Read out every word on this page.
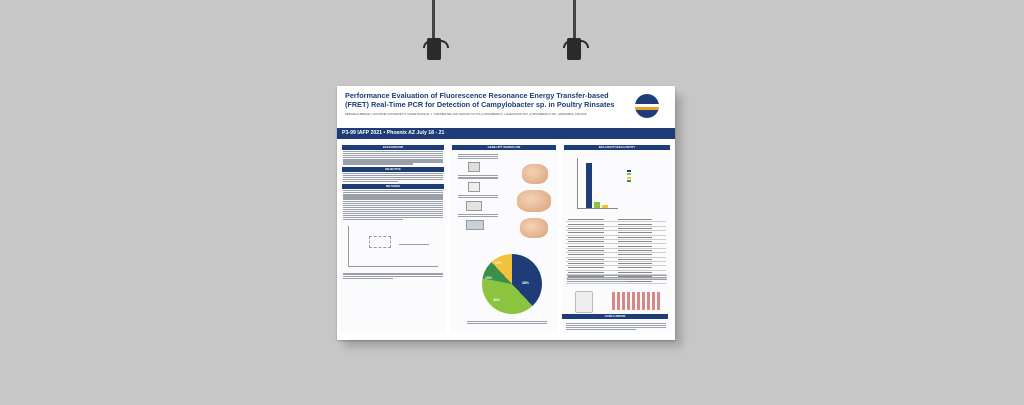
Performance Evaluation of Fluorescence Resonance Energy Transfer-based (FRET) Real-Time PCR for Detection of Campylobacter sp. in Poultry Rinsates
DEBORAH BRIESE, LOUISIANE CONVENIETTI, MARIE BUGNAN, J. STEINBAUER AND VANIANT DUTTA (1) BIOMÉRIEUX, HAZELWOOD MO; (2) BIOMÉRIEUX INC, GRENOBLE, FRANCE
P3-99 IAFP 2021 • Phoenix AZ July 18 - 21
BACKGROUND
OBJECTIVE
METHODS
GENE-UP® WORKFLOW
38%
40%
10%
12%
INCLUSIVITY/EXCLUSIVITY
CONCLUSIONS
